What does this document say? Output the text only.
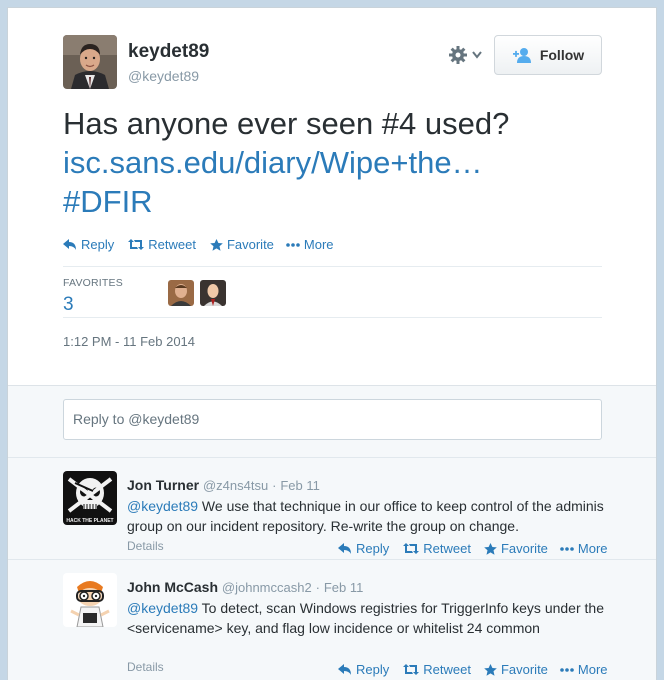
keydet89
@keydet89
Follow
Has anyone ever seen #4 used?
isc.sans.edu/diary/Wipe+the…
#DFIR
Reply	Retweet Favorite More
FAVORITES
3
1:12 PM - 11 Feb 2014
Reply to @keydet89
HACK THE PLANET
Jon Turner @z4ns4tsu · Feb 11
@keydet89 We use that technique in our office to keep control of the adminis group on our incident repository. Re-write the group on change.
Details	Reply	Retweet Favorite More
John McCash @johnmccash2 · Feb 11
@keydet89 To detect, scan Windows registries for TriggerInfo keys under the <servicename> key, and flag low incidence or whitelist 24 common
Details	Reply	Retweet Favorite More
